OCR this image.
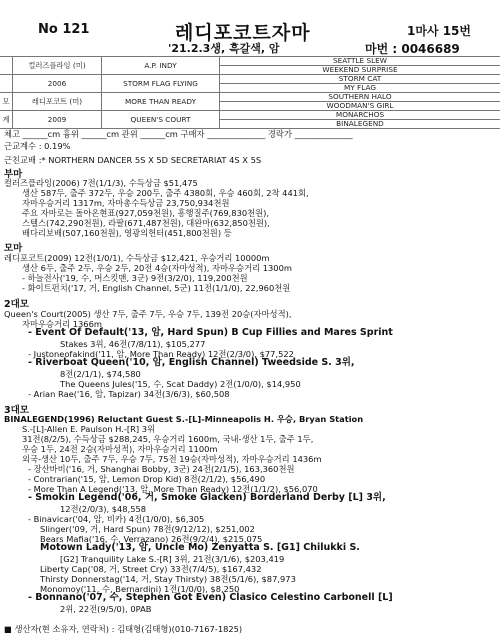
No 121	레디포코트자마	1마사 15번
'21.2.3생, 흑갈색, 암	마번 : 0046689
	컬러즈플라잉 (미)	A.P. INDY	SEATTLE SLEW
			WEEKEND SURPRISE
	2006	STORM FLAG FLYING	STORM CAT
			MY FLAG
모	레디포코트 (미)	MORE THAN READY	SOUTHERN HALO
			WOODMAN'S GIRL
계	2009	QUEEN'S COURT	MONARCHOS
			BINALEGEND
체고 ______cm 흉위 ______cm 관위 ______cm 구매자 ______________ 경락가 ______________
근교계수 : 0.19%
근친교배 :* NORTHERN DANCER 5S X 5D SECRETARIAT 4S X 5S
부마
컬러즈플라잉(2006) 7전(1/1/3), 수득상금 $51,475
생산 587두, 출주 372두, 우승 200두, 출주 4380회, 우승 460회, 2착 441회,
자마우승거리 1317m, 자마총수득상금 23,750,934천원
주요 자마로는 돌아온현표(927,059천원), 흥행질주(769,830천원),
스텔스(742,290천원), 라팔(671,487천원), 대완마(632,850천원),
배다리보배(507,160천원), 영광의헌터(451,800천원) 등
모마
레디포코트(2009) 12전(1/0/1), 수득상금 $12,421, 우승거리 10000m
생산 6두, 출주 2두, 우승 2두, 20전 4승(자마성적), 자마우승거리 1300m
- 하늘전사('19, 수, 머스킷맨, 3군) 9전(3/2/0), 119,200천원
- 화이트펀치('17, 거, English Channel, 5군) 11전(1/1/0), 22,960천원
2대모
Queen's Court(2005) 생산 7두, 출주 7두, 우승 7두, 139전 20승(자마성적),
자마우승거리 1366m
- Event Of Default('13, 암, Hard Spun) B Cup Fillies and Mares Sprint
Stakes 3위, 46전(7/8/11), $105,277
- Justoneofakind('11, 암, More Than Ready) 12전(2/3/0), $77,522
- Riverboat Queen('10, 암, English Channel) Tweedside S. 3위,
8전(2/1/1), $74,580
The Queens Jules('15, 수, Scat Daddy) 2전(1/0/0), $14,950
- Arian Rae('16, 암, Tapizar) 34전(3/6/3), $60,508
3대모
BINALEGEND(1996) Reluctant Guest S.-[L]-Minneapolis H. 우승, Bryan Station
S.-[L]-Allen E. Paulson H.-[R] 3위
31전(8/2/5), 수득상금 $288,245, 우승거리 1600m, 국내-생산 1두, 출주 1두,
우승 1두, 24전 2승(자마성적), 자마우승거리 1100m
외국-생산 10두, 출주 7두, 우승 7두, 75전 19승(자마성적), 자마우승거리 1436m
- 장산바비('16, 거, Shanghai Bobby, 3군) 24전(2/1/5), 163,360천원
- Contrarian('15, 암, Lemon Drop Kid) 8전(2/1/2), $56,490
- More Than A Legend('13, 암, More Than Ready) 12전(1/1/2), $56,070
- Smokin Legend('06, 거, Smoke Glacken) Borderland Derby [L] 3위,
12전(2/0/3), $48,558
- Binavicar('04, 암, 비카) 4전(1/0/0), $6,305
Slinger('09, 거, Hard Spun) 78전(9/12/12), $251,002
Bears Mafia('16, 수, Verrazano) 26전(9/2/4), $215,075
Motown Lady('13, 암, Uncle Mo) Zenyatta S. [G1] Chilukki S.
[G2] Tranquility Lake S.-[R] 3위, 21전(3/1/6), $203,419
Liberty Cap('08, 거, Street Cry) 33전(7/4/5), $167,432
Thirsty Donnerstag('14, 거, Stay Thirsty) 38전(5/1/6), $87,973
Monomoy('11, 수, Bernardini) 1전(1/0/0), $8,250
- Bonnano('07, 수, Stephen Got Even) Clasico Celestino Carbonell [L]
2위, 22전(9/5/0), 0PAB
■ 생산자(현 소유자, 연락처) : 김태형(김태형)(010-7167-1825)
